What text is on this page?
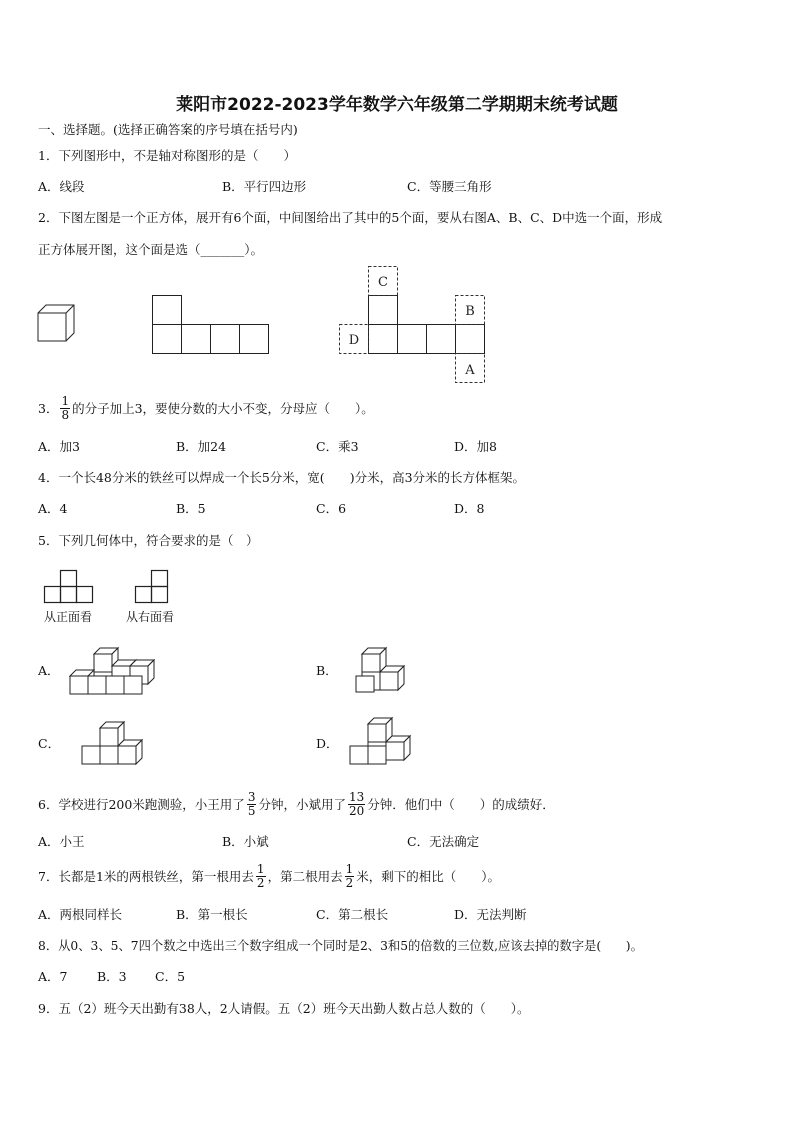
莱阳市2022-2023学年数学六年级第二学期期末统考试题
一、选择题。(选择正确答案的序号填在括号内)
1．下列图形中，不是轴对称图形的是（　　）
A．线段	B．平行四边形	C．等腰三角形
2．下图左图是一个正方体，展开有6个面，中间图给出了其中的5个面，要从右图A、B、C、D中选一个面，形成
正方体展开图，这个面是选（_______）。
C
B
D
A
3． $\frac{1}{8}$ 的分子加上3，要使分数的大小不变，分母应（　　）。
A．加3	B．加24	C．乘3	D．加8
4．一个长48分米的铁丝可以焊成一个长5分米，宽(　　)分米，高3分米的长方体框架。
A．4	B．5	C．6	D．8
5．下列几何体中，符合要求的是（　）
从正面看	从右面看
A．	B．
C．	D．
6．学校进行200米跑测验，小王用了 $\frac{3}{5}$ 分钟，小斌用了 $\frac{13}{20}$ 分钟．他们中（　　）的成绩好．
A．小王	B．小斌	C．无法确定
7．长都是1米的两根铁丝，第一根用去 $\frac{1}{2}$ ，第二根用去 $\frac{1}{2}$ 米，剩下的相比（　　）。
A．两根同样长	B．第一根长	C．第二根长	D．无法判断
8．从0、3、5、7四个数之中选出三个数字组成一个同时是2、3和5的倍数的三位数,应该去掉的数字是(　　)。
A．7 B．3 C．5
9．五（2）班今天出勤有38人，2人请假。五（2）班今天出勤人数占总人数的（　　）。
